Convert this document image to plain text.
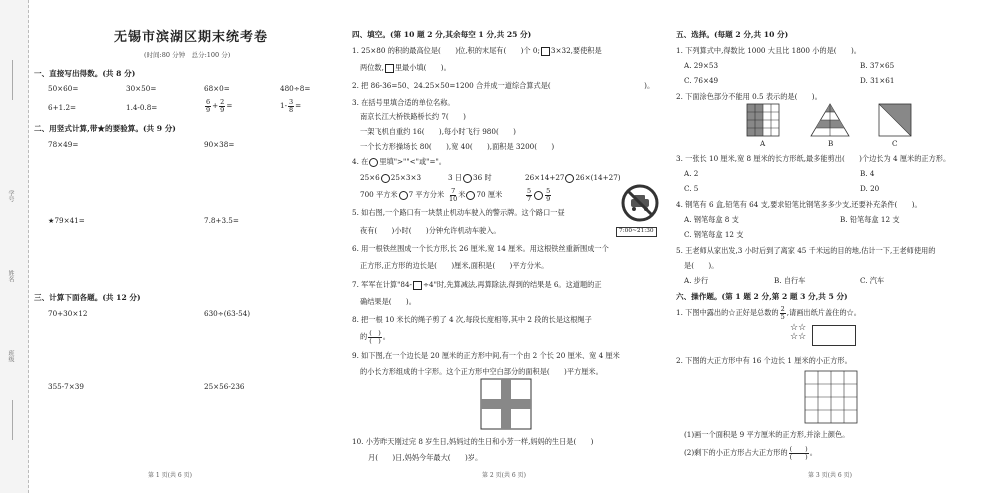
学号
姓名
班级
无锡市滨湖区期末统考卷
(时间:80 分钟　总分:100 分)
一、直接写出得数。(共 8 分)
50×60=	30×50=	68×0=	480÷8=
6+1.2=	1.4-0.8=	$\frac{6}{9} + \frac{2}{9}$ =	$1- \frac{3}{8}$ =
二、用竖式计算,带★的要验算。(共 9 分)
78×49=	90×38=
★79×41=	7.8+3.5=
三、计算下面各题。(共 12 分)
70+30×12	630÷(63-54)
355-7×39	25×56-236
第 1 页(共 6 页)
四、填空。(第 10 题 2 分,其余每空 1 分,共 25 分)
1. 25×80 的积的最高位是(　　)位,积的末尾有(　　)个 0; 3×32,要使积是
两位数, 里最小填(　　)。
2. 把 86-36=50、24.25×50=1200 合并成一道综合算式是(　　　　　　　　　　　　　)。
3. 在括号里填合适的单位名称。
南京长江大桥铁路桥长约 7(　　)
一架飞机自重约 16(　　),每小时飞行 980(　　)
一个长方形操场长 80(　　),宽 40(　　),面积是 3200(　　)
4. 在 里填">""<"或"="。
25×6 25×3×3	3 日 36 时	26×14+27 26×(14+27)
700 平方米 7 平方分米 $\frac{7}{10}$ 米 70 厘米	$\frac{5}{7} \frac{5}{9}$
7:00~21:30
5. 如右图,一个路口有一块禁止机动车驶入的警示牌。这个路口一昼
夜有(　　)小时(　　)分钟允许机动车驶入。
6. 用一根铁丝围成一个长方形,长 26 厘米,宽 14 厘米。用这根铁丝重新围成一个
正方形,正方形的边长是(　　)厘米,面积是(　　)平方分米。
7. 军军在计算"84- ÷4"时,先算减法,再算除法,得到的结果是 6。这道题的正
确结果是(　　)。
8. 把一根 10 米长的绳子剪了 4 次,每段长度相等,其中 2 段的长是这根绳子
的 $\frac{( )}{( )}$ 。
9. 如下图,在一个边长是 20 厘米的正方形中间,有一个由 2 个长 20 厘米、宽 4 厘米
的小长方形组成的十字形。这个正方形中空白部分的面积是(　　)平方厘米。
10. 小芳昨天刚过完 8 岁生日,妈妈过的生日和小芳一样,妈妈的生日是(　　)
月(　　)日,妈妈今年最大(　　)岁。
第 2 页(共 6 页)
五、选择。(每题 2 分,共 10 分)
1. 下列算式中,得数比 1000 大且比 1800 小的是(　　)。
A. 29×53	B. 37×65
C. 76×49	D. 31×61
2. 下面涂色部分不能用 0.5 表示的是(　　)。
A	B	C
3. 一张长 10 厘米,宽 8 厘米的长方形纸,最多能剪出(　　)个边长为 4 厘米的正方形。
A. 2	B. 4
C. 5	D. 20
4. 钢笔有 6 盒,铅笔有 64 支,要求铅笔比钢笔多多少支,还要补充条件(　　)。
A. 钢笔每盒 8 支	B. 铅笔每盒 12 支
C. 钢笔每盒 12 支
5. 王老师从家出发,3 小时后到了离家 45 千米远的目的地,估计一下,王老师使用的
是(　　)。
A. 步行	B. 自行车	C. 汽车
六、操作题。(第 1 题 2 分,第 2 题 3 分,共 5 分)
1. 下图中露出的☆正好是总数的 $\frac{2}{5}$ ,请画出纸片盖住的☆。
☆☆
☆☆
2. 下图的大正方形中有 16 个边长 1 厘米的小正方形。
(1)画一个面积是 9 平方厘米的正方形,并涂上颜色。
(2)剩下的小正方形占大正方形的 $\frac{( )}{( )}$ 。
第 3 页(共 6 页)
